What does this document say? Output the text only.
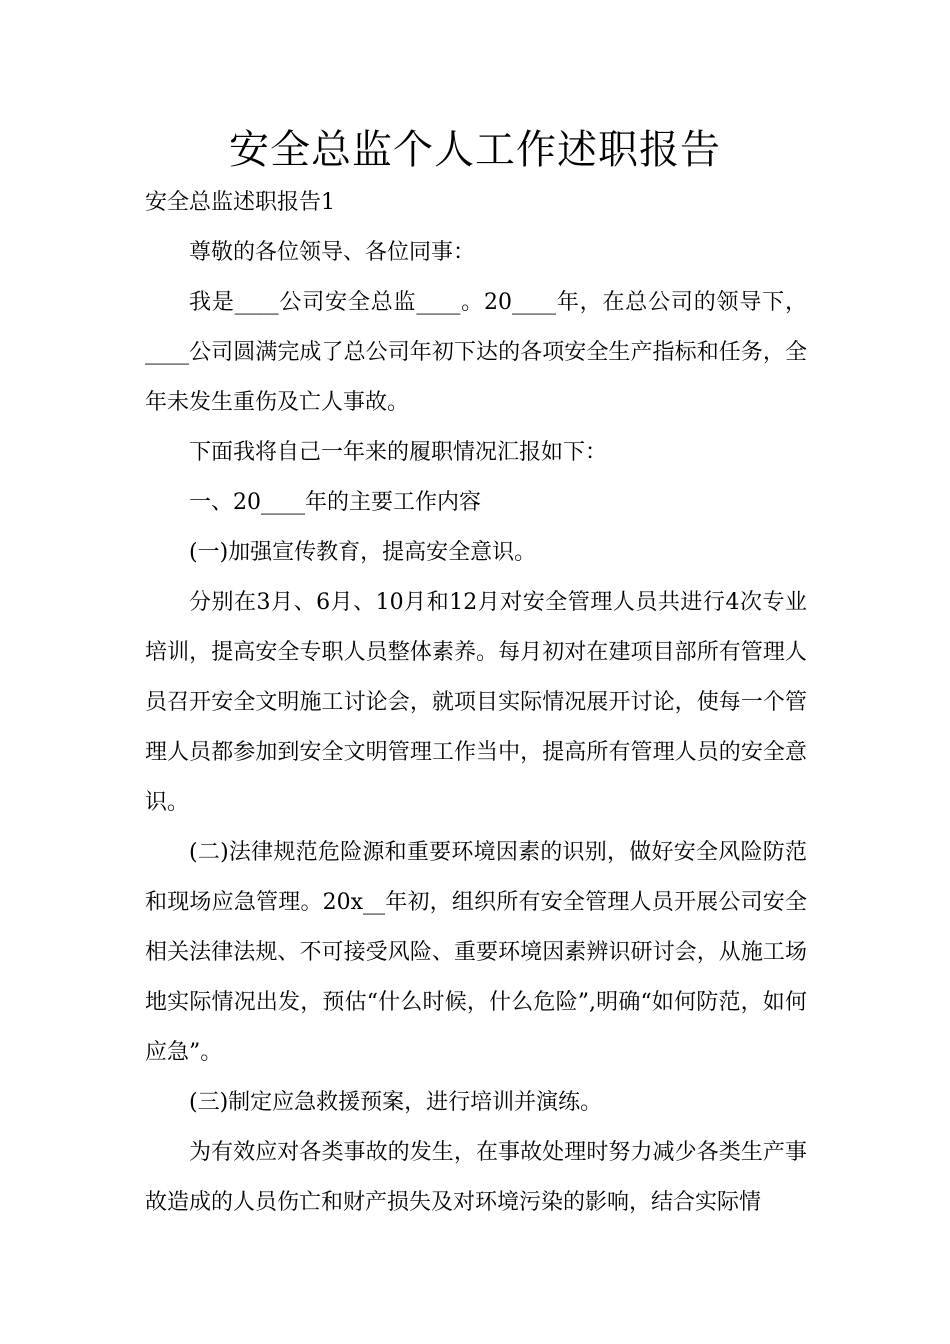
安全总监个人工作述职报告

安全总监述职报告1

尊敬的各位领导、各位同事：

我是____公司安全总监____。20____年，在总公司的领导下，____公司圆满完成了总公司年初下达的各项安全生产指标和任务，全年未发生重伤及亡人事故。

下面我将自己一年来的履职情况汇报如下：

一、20____年的主要工作内容

(一)加强宣传教育，提高安全意识。

分别在3月、6月、10月和12月对安全管理人员共进行4次专业培训，提高安全专职人员整体素养。每月初对在建项目部所有管理人员召开安全文明施工讨论会，就项目实际情况展开讨论，使每一个管理人员都参加到安全文明管理工作当中，提高所有管理人员的安全意识。

(二)法律规范危险源和重要环境因素的识别，做好安全风险防范和现场应急管理。20x__年初，组织所有安全管理人员开展公司安全相关法律法规、不可接受风险、重要环境因素辨识研讨会，从施工场地实际情况出发，预估“什么时候，什么危险”,明确“如何防范，如何应急”。

(三)制定应急救援预案，进行培训并演练。

为有效应对各类事故的发生，在事故处理时努力减少各类生产事故造成的人员伤亡和财产损失及对环境污染的影响，结合实际情
